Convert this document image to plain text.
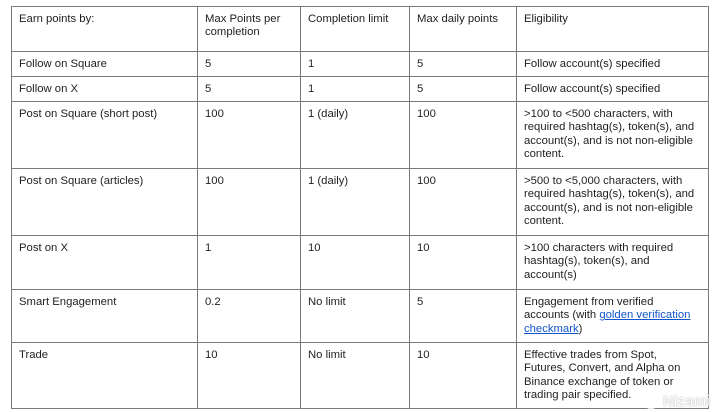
Earn points by:	Max Points per completion	Completion limit	Max daily points	Eligibility
Follow on Square	5	1	5	Follow account(s) specified
Follow on X	5	1	5	Follow account(s) specified
Post on Square (short post)	100	1 (daily)	100	>100 to <500 characters, with required hashtag(s), token(s), and account(s), and is not non-eligible content.
Post on Square (articles)	100	1 (daily)	100	>500 to <5,000 characters, with required hashtag(s), token(s), and account(s), and is not non-eligible content.
Post on X	1	10	10	>100 characters with required hashtag(s), token(s), and account(s)
Smart Engagement	0.2	No limit	5	Engagement from verified accounts (with golden verification checkmark)
Trade	10	No limit	10	Effective trades from Spot, Futures, Convert, and Alpha on Binance exchange of token or trading pair specified. Nizami
